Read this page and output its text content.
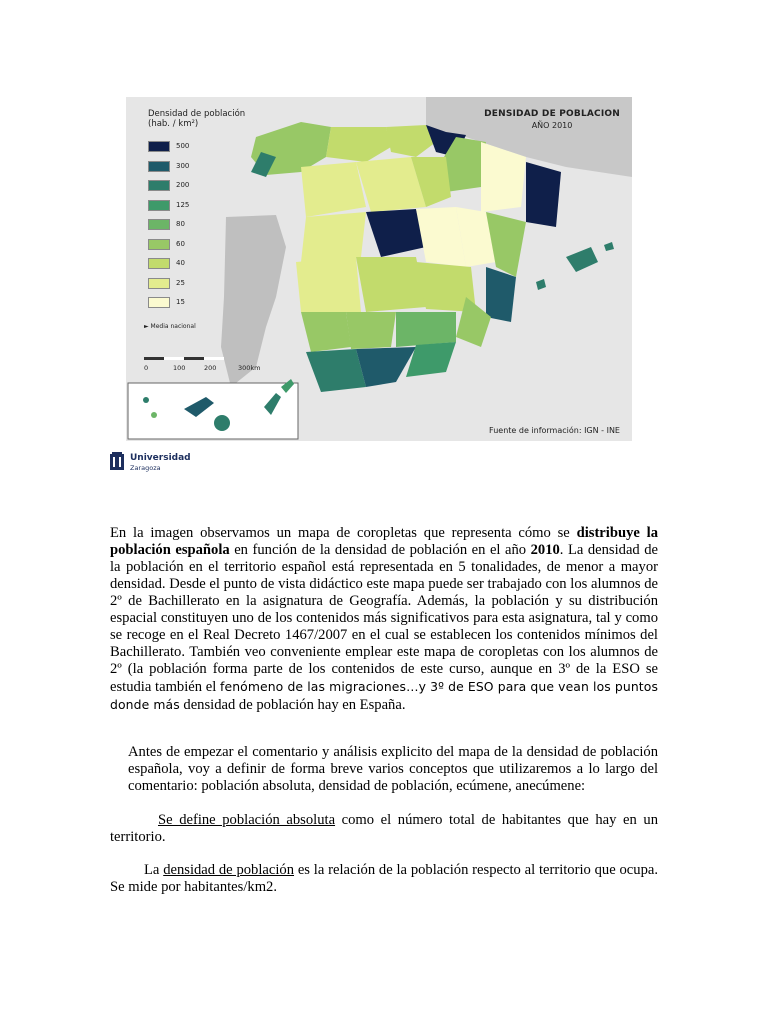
Densidad de población
(hab. / km²)
500
300
200
125
80
60
40
25
15
► Media nacional
0	100	200	300km
DENSIDAD DE POBLACION
AÑO 2010
Fuente de información: IGN - INE
Universidad
Zaragoza

En la imagen observamos un mapa de coropletas que representa cómo se distribuye la población española en función de la densidad de población en el año 2010. La densidad de la población en el territorio español está representada en 5 tonalidades, de menor a mayor densidad. Desde el punto de vista didáctico este mapa puede ser trabajado con los alumnos de 2º de Bachillerato en la asignatura de Geografía. Además, la población y su distribución espacial constituyen uno de los contenidos más significativos para esta asignatura, tal y como se recoge en el Real Decreto 1467/2007 en el cual se establecen los contenidos mínimos del Bachillerato. También veo conveniente emplear este mapa de coropletas con los alumnos de 2º (la población forma parte de los contenidos de este curso, aunque en 3º de la ESO se estudia también el fenómeno de las migraciones…y 3º de ESO para que vean los puntos donde más densidad de población hay en España.

Antes de empezar el comentario y análisis explicito del mapa de la densidad de población española, voy a definir de forma breve varios conceptos que utilizaremos a lo largo del comentario: población absoluta, densidad de población, ecúmene, anecúmene:

Se define población absoluta como el número total de habitantes que hay en un territorio.

La densidad de población es la relación de la población respecto al territorio que ocupa. Se mide por habitantes/km2.
